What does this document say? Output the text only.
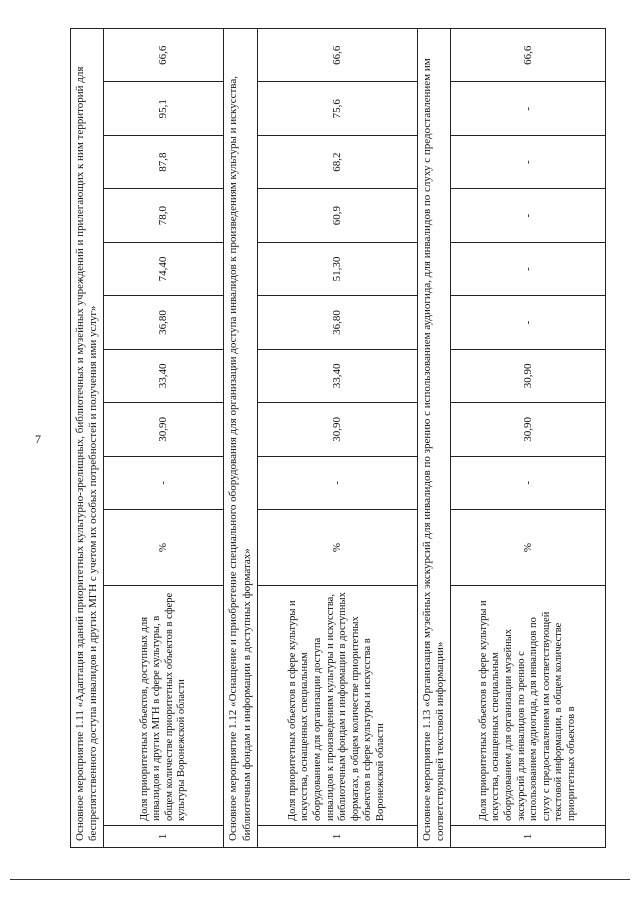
7	Основное мероприятие 1.11 «Адаптация зданий приоритетных культурно-зрелищных, библиотечных и музейных учреждений и прилегающих к ним территорий для беспрепятственного доступа инвалидов и других МГН с учетом их особых потребностей и получения ими услуг»											
1	Доля приоритетных объектов, доступных для инвалидов и других МГН в сфере культуры, в общем количестве приоритетных объектов в сфере культуры Воронежской области	%	-	30,90	33,40	36,80	74,40	78,0	87,8	95,1	66,6
Основное мероприятие 1.12 «Оснащение и приобретение специального оборудования для организации доступа инвалидов к произведениям культуры и искусства, библиотечным фондам и информации в доступных форматах»											
1	Доля приоритетных объектов в сфере культуры и искусства, оснащенных специальным оборудованием для организации доступа инвалидов к произведениям культуры и искусства, библиотечным фондам и информации в доступных форматах, в общем количестве приоритетных объектов в сфере культуры и искусства в Воронежской области	%	-	30,90	33,40	36,80	51,30	60,9	68,2	75,6	66,6
Основное мероприятие 1.13 «Организация музейных экскурсий для инвалидов по зрению с использованием аудиогида, для инвалидов по слуху с предоставлением им соответствующей текстовой информации»											
1	Доля приоритетных объектов в сфере культуры и искусства, оснащенных специальным оборудованием для организации музейных экскурсий для инвалидов по зрению с использованием аудиогида, для инвалидов по слуху с предоставлением им соответствующей текстовой информации, в общем количестве приоритетных объектов в	%	-	30,90	30,90	-	-	-	-	-	66,6
